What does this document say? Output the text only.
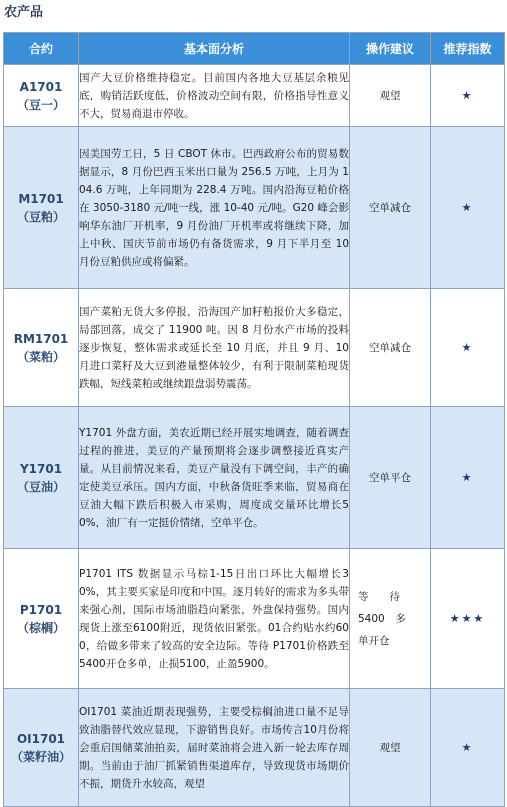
农产品
合约	基本面分析	操作建议	推荐指数

A1701
（豆一）	国产大豆价格维持稳定。目前国内各地大豆基层余粮见底，购销活跃度低，价格波动空间有限，价格指导性意义不大，贸易商退市停收。	观望	★

M1701
（豆粕）	因美国劳工日，5 日 CBOT 休市。巴西政府公布的贸易数据显示，8 月份巴西玉米出口量为 256.5 万吨，上月为 104.6 万吨，上年同期为 228.4 万吨。国内沿海豆粕价格在 3050-3180 元/吨一线，涨 10-40 元/吨。G20 峰会影响华东油厂开机率，9 月份油厂开机率或将继续下降，加上中秋、国庆节前市场仍有备货需求，9 月下半月至 10 月份豆粕供应或将偏紧。	空单减仓	★

RM1701
（菜粕）	国产菜粕无货大多停报，沿海国产加籽粕报价大多稳定，局部回落，成交了 11900 吨。因 8 月份水产市场的投料逐步恢复，整体需求或延长至 10 月底，并且 9 月、10 月进口菜籽及大豆到港量整体较少，有利于限制菜粕现货跌幅，短线菜粕或继续跟盘弱势震荡。	空单减仓	★

Y1701
（豆油）	Y1701 外盘方面，美农近期已经开展实地调查，随着调查过程的推进，美豆的产量预期将会逐步调整接近真实产量。从目前情况来看，美豆产量没有下调空间，丰产的确定使美豆承压。国内方面，中秋备货旺季来临，贸易商在豆油大幅下跌后积极入市采购，周度成交量环比增长50%，油厂有一定挺价情绪，空单平仓。	空单平仓	★

P1701
（棕榈）	P1701 ITS 数据显示马棕1-15日出口环比大幅增长30%，其主要买家是印度和中国。逐月转好的需求为多头带来强心剂，国际市场油脂趋向紧张，外盘保持强势。国内现货上涨至6100附近，现货依旧紧张。01合约贴水约600，给做多带来了较高的安全边际。等待 P1701价格跌至5400开仓多单，止损5100，止盈5900。	等　　待
5400　多
单开仓	★★★

OI1701
（菜籽油）	OI1701 菜油近期表现强势，主要受棕榈油进口量不足导致油脂替代效应显现，下游销售良好。市场传言10月份将会重启国储菜油拍卖，届时菜油将会进入新一轮去库存周期。当前由于油厂抓紧销售渠道库存，导致现货市场期价不振，期货升水较高，观望	观望	★
